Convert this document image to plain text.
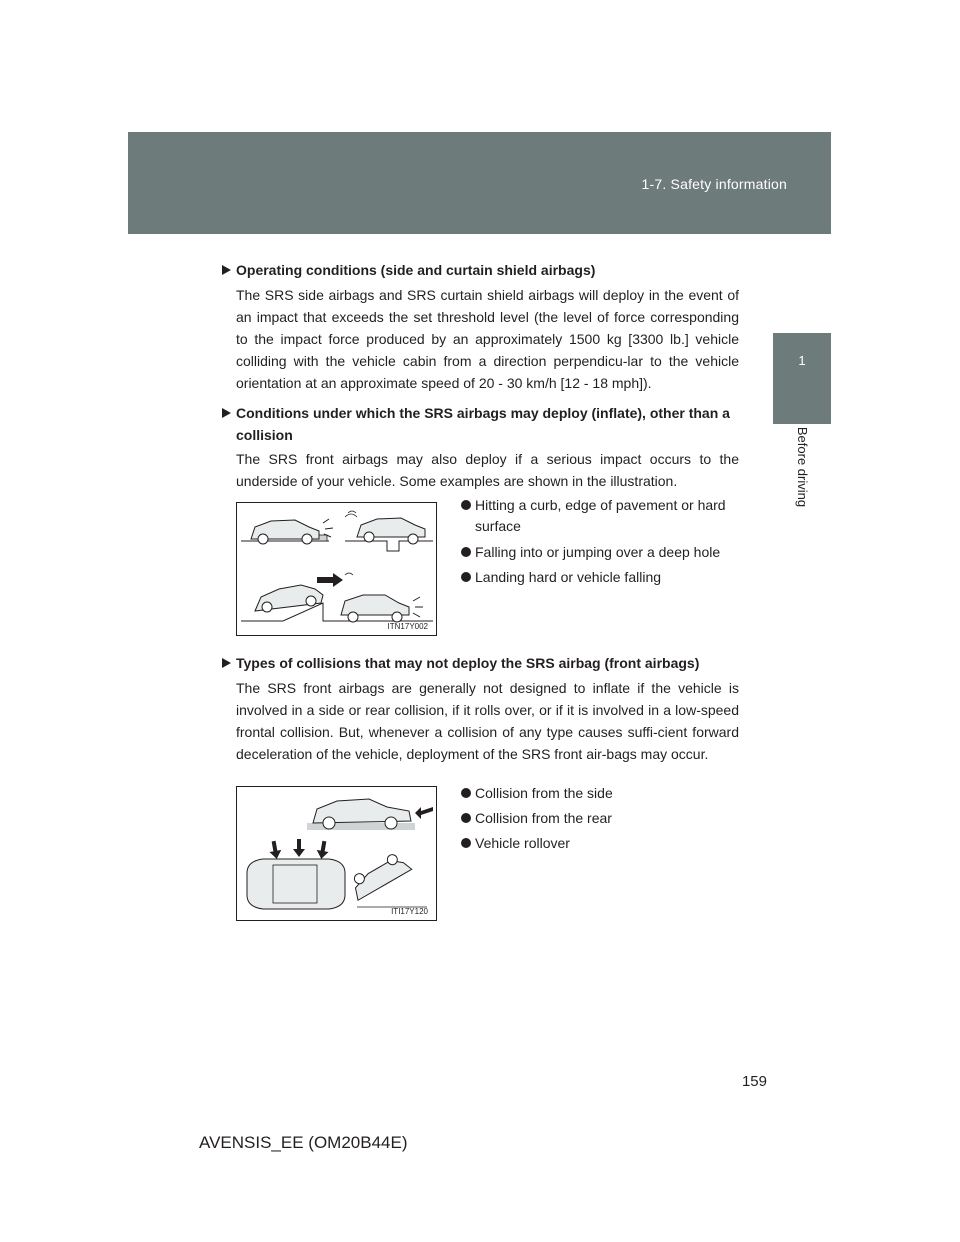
1-7. Safety information
1
Before driving
Operating conditions (side and curtain shield airbags)
The SRS side airbags and SRS curtain shield airbags will deploy in the event of an impact that exceeds the set threshold level (the level of force corresponding to the impact force produced by an approximately 1500 kg [3300 lb.] vehicle colliding with the vehicle cabin from a direction perpendicu-lar to the vehicle orientation at an approximate speed of 20 - 30 km/h [12 - 18 mph]).
Conditions under which the SRS airbags may deploy (inflate), other than a collision
The SRS front airbags may also deploy if a serious impact occurs to the underside of your vehicle. Some examples are shown in the illustration.
ITN17Y002
Hitting a curb, edge of pavement or hard surface
Falling into or jumping over a deep hole
Landing hard or vehicle falling
Types of collisions that may not deploy the SRS airbag (front airbags)
The SRS front airbags are generally not designed to inflate if the vehicle is involved in a side or rear collision, if it rolls over, or if it is involved in a low-speed frontal collision. But, whenever a collision of any type causes suffi-cient forward deceleration of the vehicle, deployment of the SRS front air-bags may occur.
ITI17Y120
Collision from the side
Collision from the rear
Vehicle rollover
159
AVENSIS_EE (OM20B44E)
